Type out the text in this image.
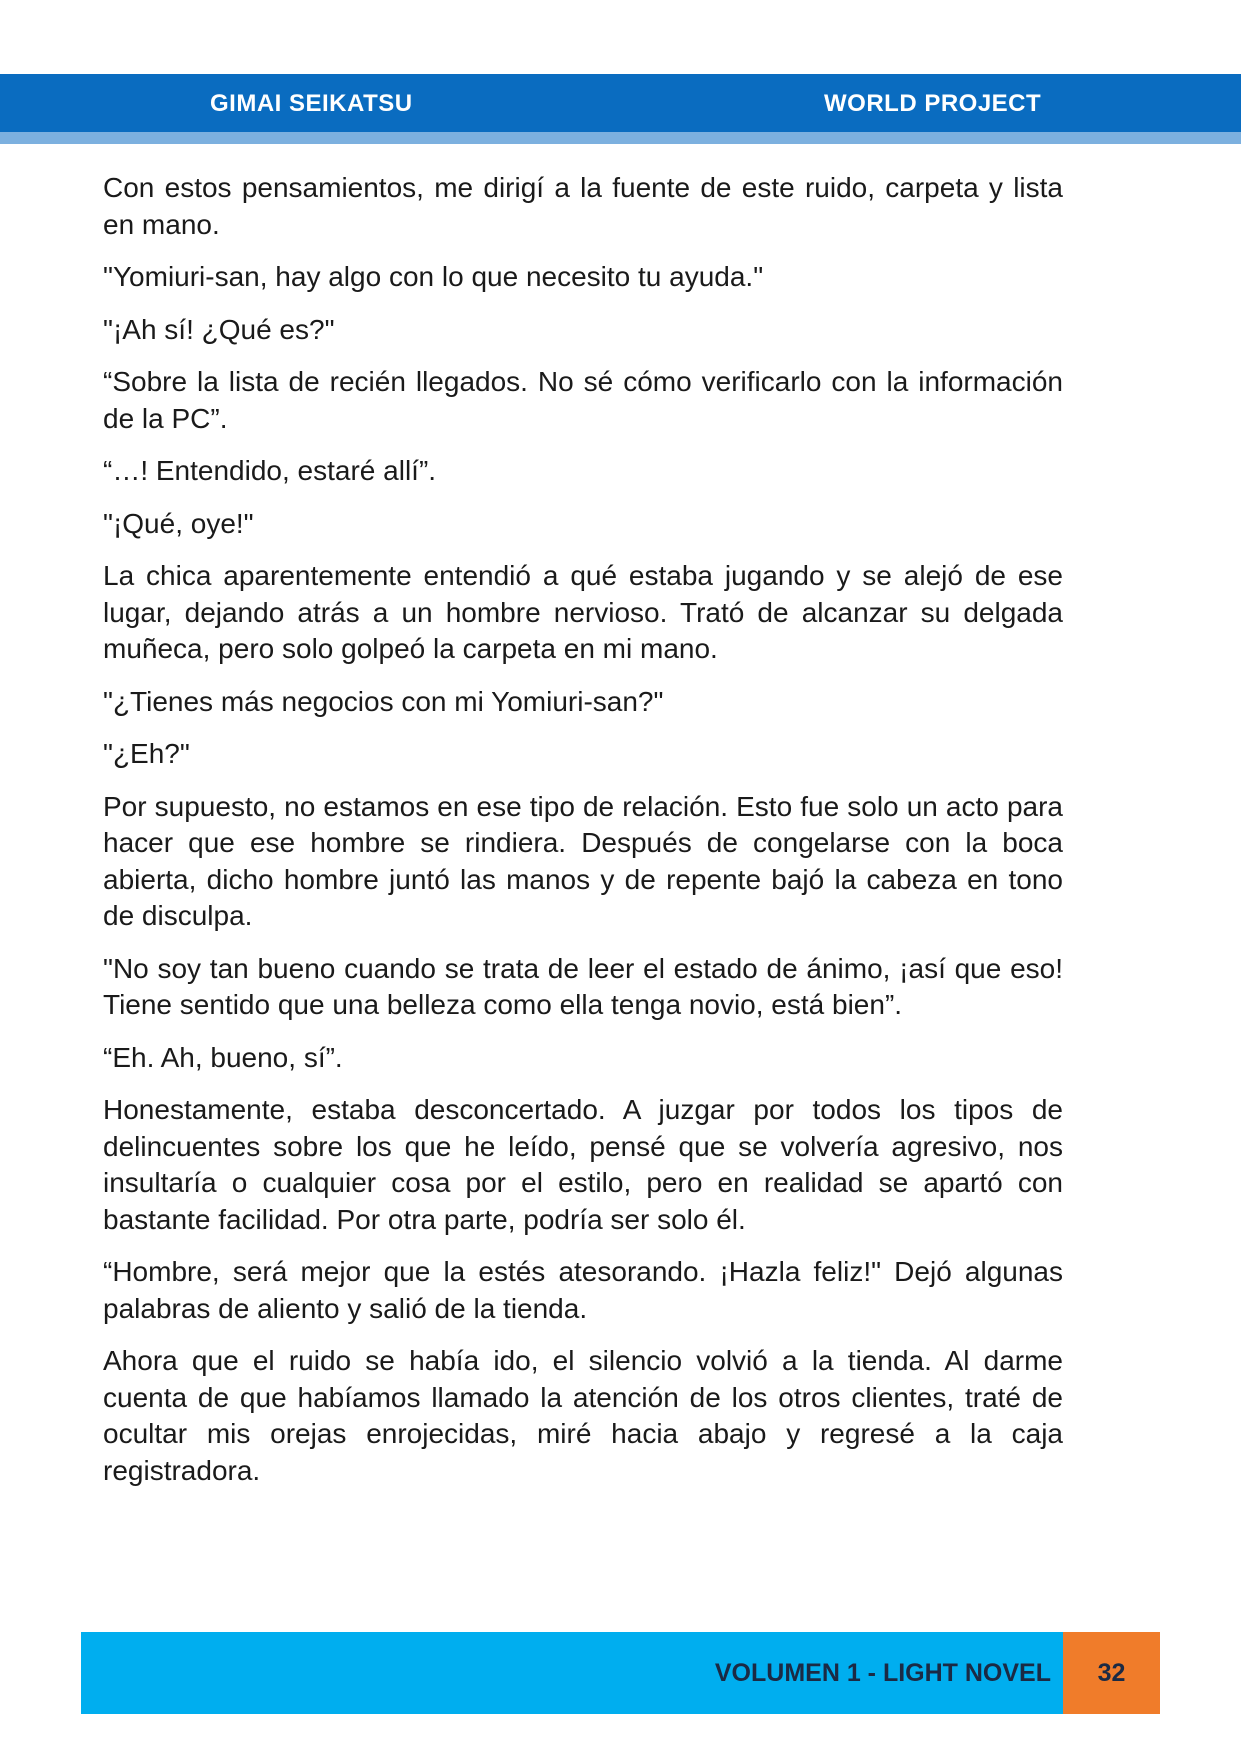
GIMAI SEIKATSU	WORLD PROJECT

Con estos pensamientos, me dirigí a la fuente de este ruido, carpeta y lista en mano.

"Yomiuri-san, hay algo con lo que necesito tu ayuda."

"¡Ah sí! ¿Qué es?"

“Sobre la lista de recién llegados. No sé cómo verificarlo con la información de la PC”.

“…! Entendido, estaré allí”.

"¡Qué, oye!"

La chica aparentemente entendió a qué estaba jugando y se alejó de ese lugar, dejando atrás a un hombre nervioso. Trató de alcanzar su delgada muñeca, pero solo golpeó la carpeta en mi mano.

"¿Tienes más negocios con mi Yomiuri-san?"

"¿Eh?"

Por supuesto, no estamos en ese tipo de relación. Esto fue solo un acto para hacer que ese hombre se rindiera. Después de congelarse con la boca abierta, dicho hombre juntó las manos y de repente bajó la cabeza en tono de disculpa.

"No soy tan bueno cuando se trata de leer el estado de ánimo, ¡así que eso! Tiene sentido que una belleza como ella tenga novio, está bien”.

“Eh. Ah, bueno, sí”.

Honestamente, estaba desconcertado. A juzgar por todos los tipos de delincuentes sobre los que he leído, pensé que se volvería agresivo, nos insultaría o cualquier cosa por el estilo, pero en realidad se apartó con bastante facilidad. Por otra parte, podría ser solo él.

“Hombre, será mejor que la estés atesorando. ¡Hazla feliz!" Dejó algunas palabras de aliento y salió de la tienda.

Ahora que el ruido se había ido, el silencio volvió a la tienda. Al darme cuenta de que habíamos llamado la atención de los otros clientes, traté de ocultar mis orejas enrojecidas, miré hacia abajo y regresé a la caja registradora.

VOLUMEN 1 - LIGHT NOVEL	32
